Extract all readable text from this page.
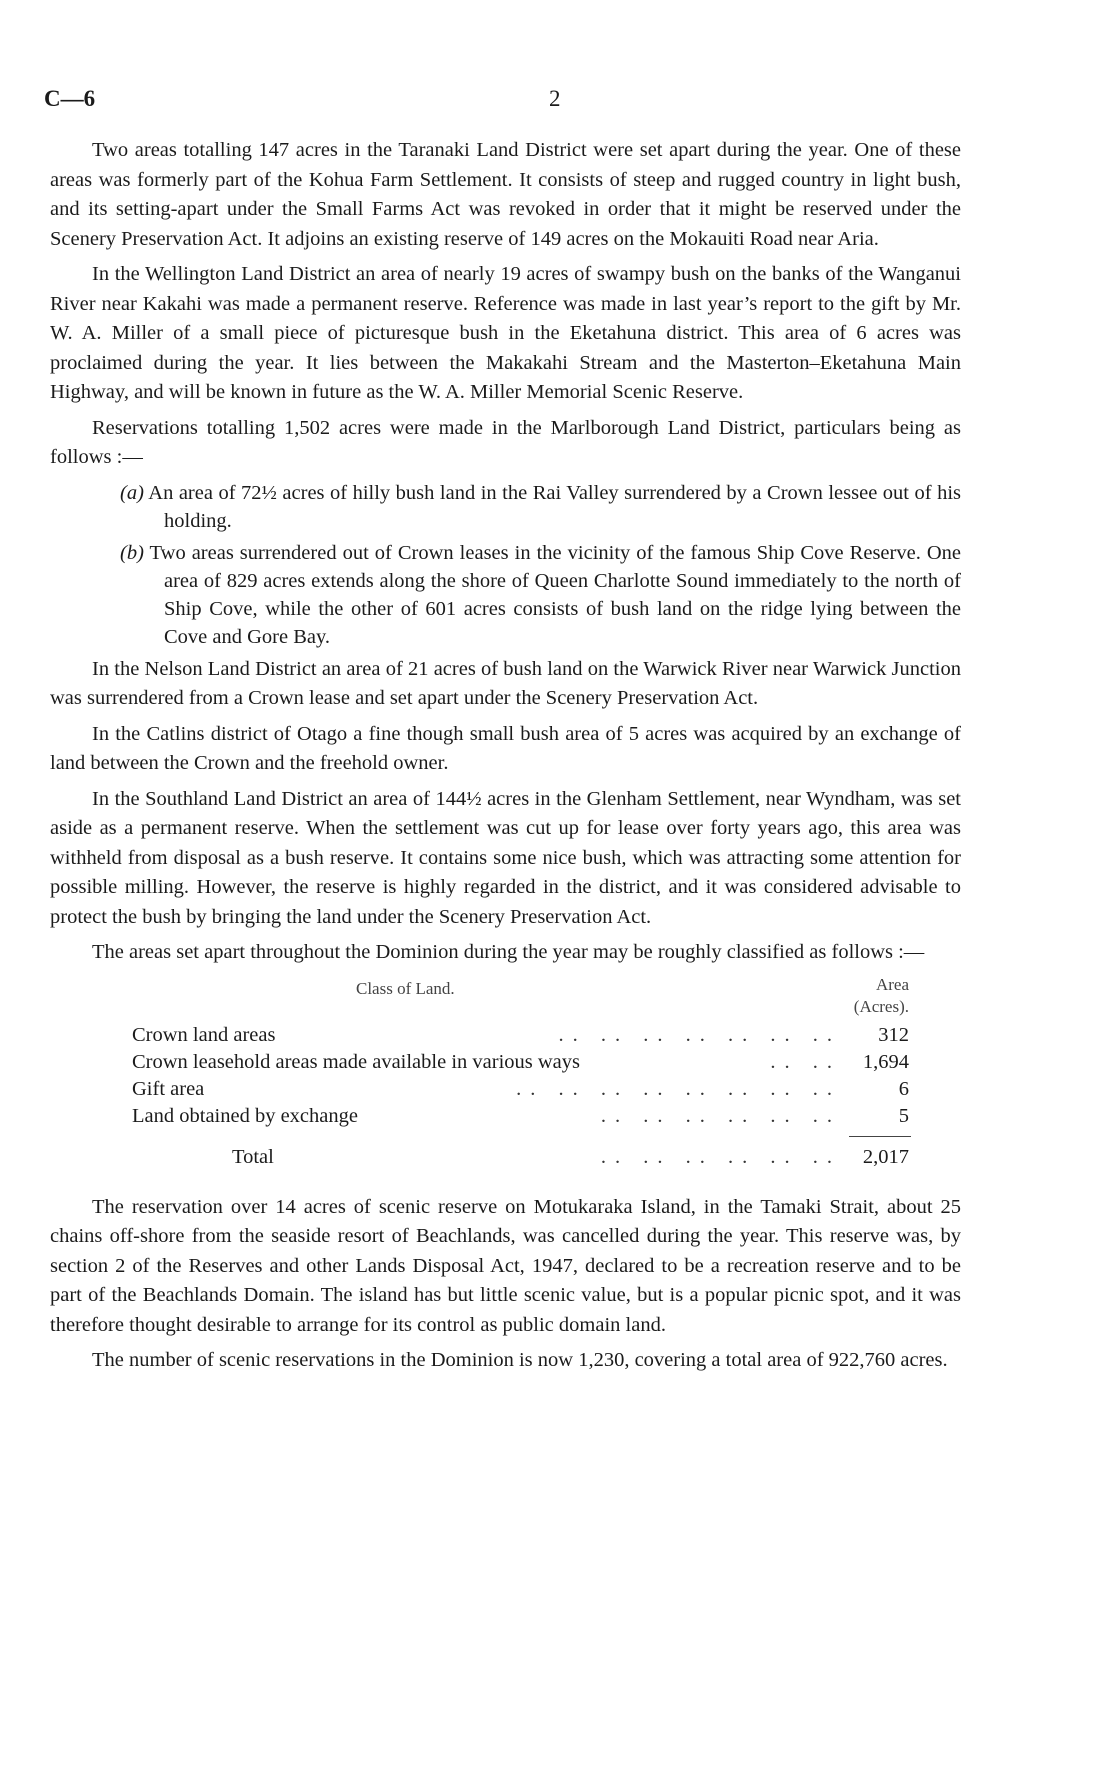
C—6	2

Two areas totalling 147 acres in the Taranaki Land District were set apart during the year. One of these areas was formerly part of the Kohua Farm Settlement. It consists of steep and rugged country in light bush, and its setting-apart under the Small Farms Act was revoked in order that it might be reserved under the Scenery Preservation Act. It adjoins an existing reserve of 149 acres on the Mokauiti Road near Aria.

In the Wellington Land District an area of nearly 19 acres of swampy bush on the banks of the Wanganui River near Kakahi was made a permanent reserve. Reference was made in last year’s report to the gift by Mr. W. A. Miller of a small piece of picturesque bush in the Eketahuna district. This area of 6 acres was proclaimed during the year. It lies between the Makakahi Stream and the Masterton–Eketahuna Main Highway, and will be known in future as the W. A. Miller Memorial Scenic Reserve.

Reservations totalling 1,502 acres were made in the Marlborough Land District, particulars being as follows :—

(a) An area of 72½ acres of hilly bush land in the Rai Valley surrendered by a Crown lessee out of his holding.
(b) Two areas surrendered out of Crown leases in the vicinity of the famous Ship Cove Reserve. One area of 829 acres extends along the shore of Queen Charlotte Sound immediately to the north of Ship Cove, while the other of 601 acres consists of bush land on the ridge lying between the Cove and Gore Bay.

In the Nelson Land District an area of 21 acres of bush land on the Warwick River near Warwick Junction was surrendered from a Crown lease and set apart under the Scenery Preservation Act.

In the Catlins district of Otago a fine though small bush area of 5 acres was acquired by an exchange of land between the Crown and the freehold owner.

In the Southland Land District an area of 144½ acres in the Glenham Settlement, near Wyndham, was set aside as a permanent reserve. When the settlement was cut up for lease over forty years ago, this area was withheld from disposal as a bush reserve. It contains some nice bush, which was attracting some attention for possible milling. However, the reserve is highly regarded in the district, and it was considered advisable to protect the bush by bringing the land under the Scenery Preservation Act.

The areas set apart throughout the Dominion during the year may be roughly classified as follows :—

Class of Land.	Area
(Acres).
.. .. .. .. .. .. ..
Crown land areas	312
.. ..
Crown leasehold areas made available in various ways	1,694
.. .. .. .. .. .. .. ..
Gift area	6
.. .. .. .. .. ..
Land obtained by exchange	5
.. .. .. .. .. ..
Total	2,017

The reservation over 14 acres of scenic reserve on Motukaraka Island, in the Tamaki Strait, about 25 chains off-shore from the seaside resort of Beachlands, was cancelled during the year. This reserve was, by section 2 of the Reserves and other Lands Disposal Act, 1947, declared to be a recreation reserve and to be part of the Beachlands Domain. The island has but little scenic value, but is a popular picnic spot, and it was therefore thought desirable to arrange for its control as public domain land.

The number of scenic reservations in the Dominion is now 1,230, covering a total area of 922,760 acres.
